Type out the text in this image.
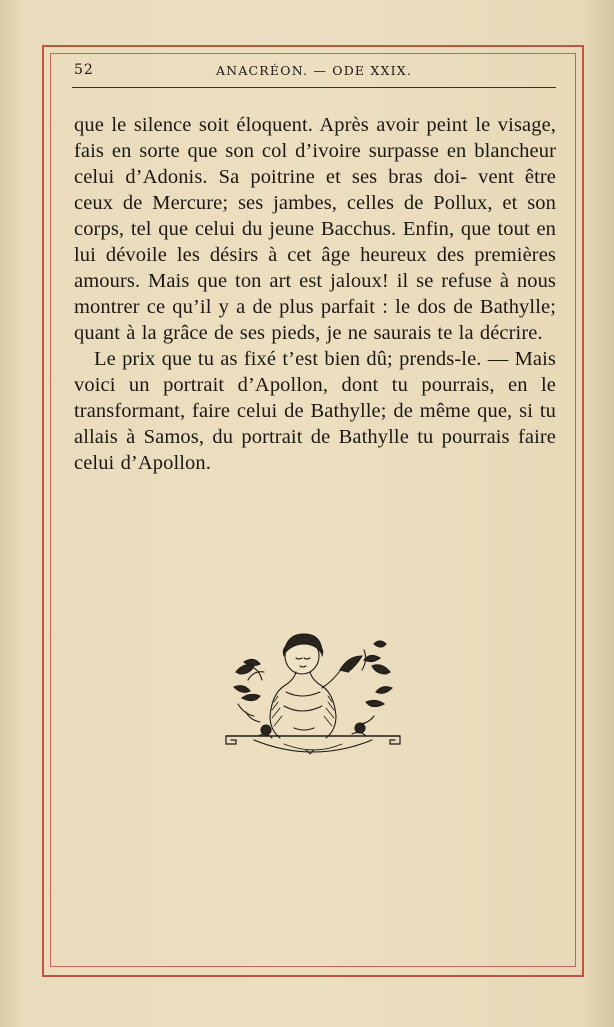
52	ANACRÉON. — ODE XXIX.

que le silence soit éloquent. Après avoir peint le visage, fais en sorte que son col d’ivoire surpasse en blancheur celui d’Adonis. Sa poitrine et ses bras doi- vent être ceux de Mercure; ses jambes, celles de Pollux, et son corps, tel que celui du jeune Bacchus. Enfin, que tout en lui dévoile les désirs à cet âge heureux des premières amours. Mais que ton art est jaloux! il se refuse à nous montrer ce qu’il y a de plus parfait : le dos de Bathylle; quant à la grâce de ses pieds, je ne saurais te la décrire.

Le prix que tu as fixé t’est bien dû; prends-le. — Mais voici un portrait d’Apollon, dont tu pourrais, en le transformant, faire celui de Bathylle; de même que, si tu allais à Samos, du portrait de Bathylle tu pourrais faire celui d’Apollon.
